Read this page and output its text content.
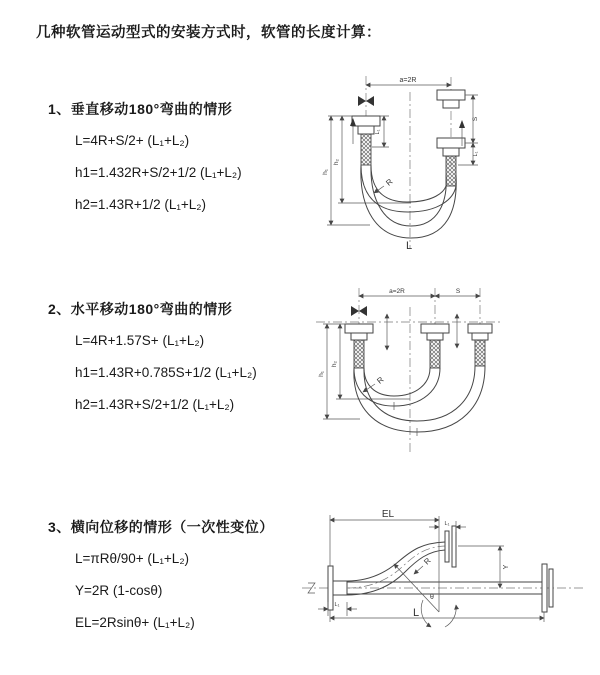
几种软管运动型式的安装方式时，软管的长度计算：
1、垂直移动180°弯曲的情形
L=4R+S/2+ (L₁+L₂)
h1=1.432R+S/2+1/2 (L₁+L₂)
h2=1.43R+1/2 (L₁+L₂)
a=2R
L₁
S
L₁
h₁
h₂
R
L
2、水平移动180°弯曲的情形
L=4R+1.57S+ (L₁+L₂)
h1=1.43R+0.785S+1/2 (L₁+L₂)
h2=1.43R+S/2+1/2 (L₁+L₂)
a=2R	S
h₁
h₂
R
3、横向位移的情形（一次性变位）
L=πRθ/90+ (L₁+L₂)
Y=2R (1-cosθ)
EL=2Rsinθ+ (L₁+L₂)
EL
L₁
Y
R
θ
L₁
L
